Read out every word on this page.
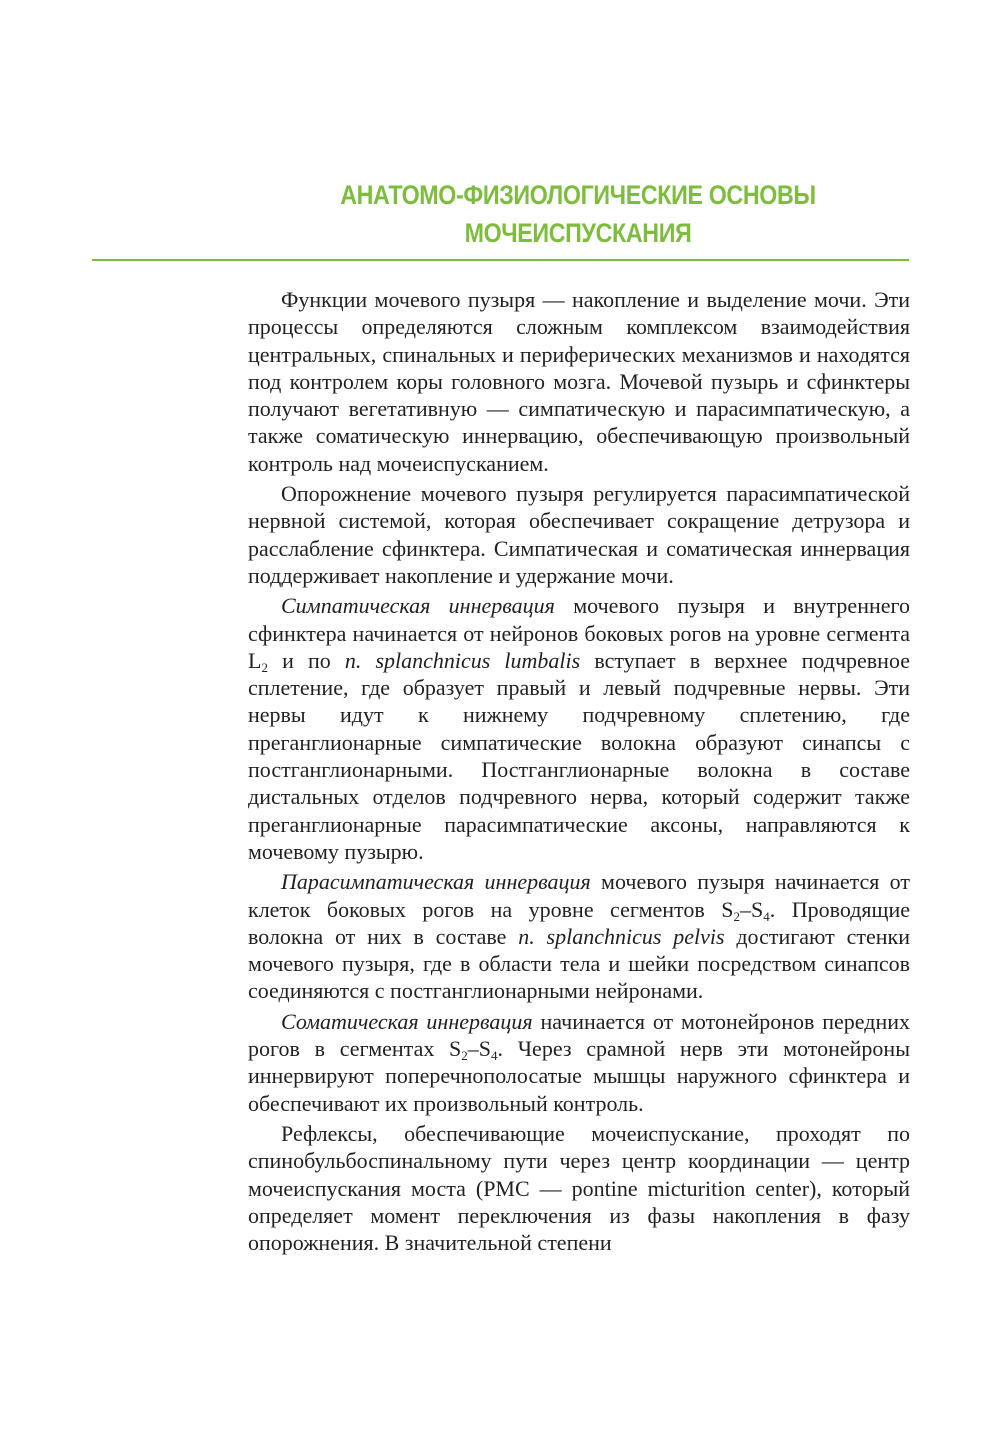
АНАТОМО-ФИЗИОЛОГИЧЕСКИЕ ОСНОВЫ
МОЧЕИСПУСКАНИЯ

Функции мочевого пузыря — накопление и выделение мочи. Эти процессы определяются сложным комплексом взаимодействия центральных, спинальных и периферических механизмов и находятся под контролем коры головного мозга. Мочевой пузырь и сфинктеры получают вегетативную — симпатическую и парасимпатическую, а также соматическую иннервацию, обеспечивающую произвольный контроль над мочеиспусканием.

Опорожнение мочевого пузыря регулируется парасимпатической нервной системой, которая обеспечивает сокращение детрузора и расслабление сфинктера. Симпатическая и соматическая иннервация поддерживает накопление и удержание мочи.

Симпатическая иннервация мочевого пузыря и внутреннего сфинктера начинается от нейронов боковых рогов на уровне сегмента $L_2$ и по n. splanchnicus lumbalis вступает в верхнее подчревное сплетение, где образует правый и левый подчревные нервы. Эти нервы идут к нижнему подчревному сплетению, где преганглионарные симпатические волокна образуют синапсы с постганглионарными. Постганглионарные волокна в составе дистальных отделов подчревного нерва, который содержит также преганглионарные парасимпатические аксоны, направляются к мочевому пузырю.

Парасимпатическая иннервация мочевого пузыря начинается от клеток боковых рогов на уровне сегментов $S_2-S_4$. Проводящие волокна от них в составе n. splanchnicus pelvis достигают стенки мочевого пузыря, где в области тела и шейки посредством синапсов соединяются с постганглионарными нейронами.

Соматическая иннервация начинается от мотонейронов передних рогов в сегментах $S_2-S_4$. Через срамной нерв эти мотонейроны иннервируют поперечнополосатые мышцы наружного сфинктера и обеспечивают их произвольный контроль.

Рефлексы, обеспечивающие мочеиспускание, проходят по спинобульбоспинальному пути через центр координации — центр мочеиспускания моста (PMC — pontine micturition center), который определяет момент переключения из фазы накопления в фазу опорожнения. В значительной степени
